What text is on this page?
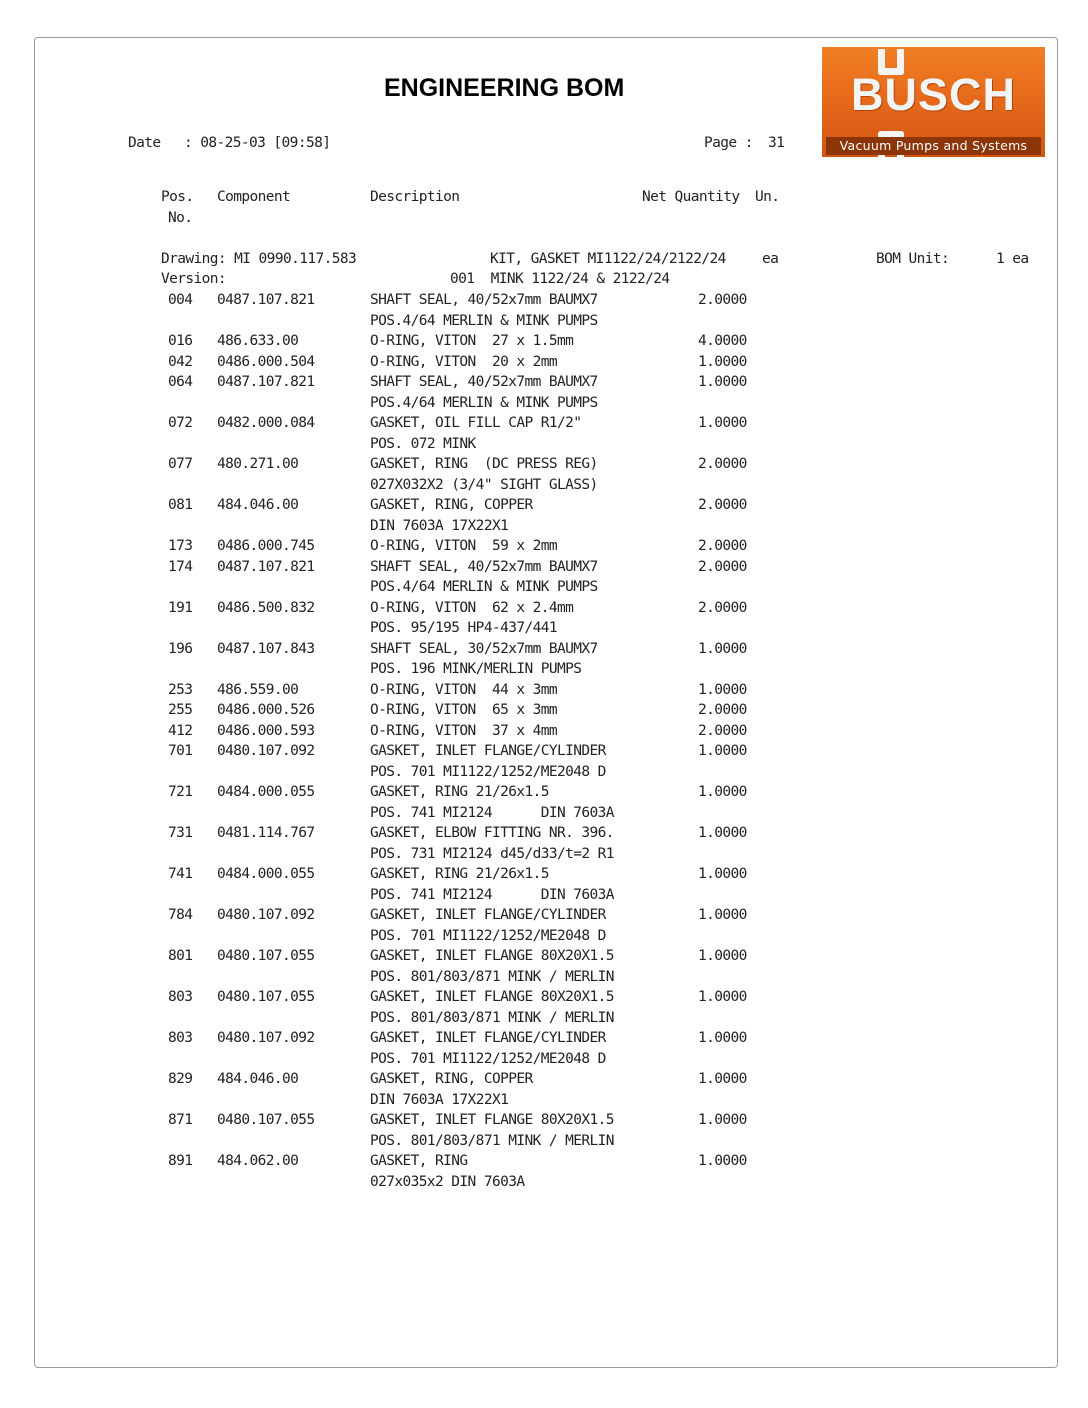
ENGINEERING BOM	BUSCH
Vacuum Pumps and Systems
Date : 08-25-03 [09:58]	Page : 31
Pos.
No.
Component	Description	Net Quantity Un.
Drawing: MI 0990.117.583	KIT, GASKET MI1122/24/2122/24 ea	BOM Unit:	1 ea
Version:	001  MINK 1122/24 & 2122/24
004 0487.107.821	SHAFT SEAL, 40/52x7mm BAUMX7	2.0000
POS.4/64 MERLIN & MINK PUMPS
016 486.633.00	O-RING, VITON  27 x 1.5mm	4.0000
042 0486.000.504	O-RING, VITON  20 x 2mm	1.0000
064 0487.107.821	SHAFT SEAL, 40/52x7mm BAUMX7	1.0000
POS.4/64 MERLIN & MINK PUMPS
072 0482.000.084	GASKET, OIL FILL CAP R1/2"	1.0000
POS. 072 MINK
077 480.271.00	GASKET, RING  (DC PRESS REG)	2.0000
027X032X2 (3/4" SIGHT GLASS)
081 484.046.00	GASKET, RING, COPPER	2.0000
DIN 7603A 17X22X1
173 0486.000.745	O-RING, VITON  59 x 2mm	2.0000
174 0487.107.821	SHAFT SEAL, 40/52x7mm BAUMX7	2.0000
POS.4/64 MERLIN & MINK PUMPS
191 0486.500.832	O-RING, VITON  62 x 2.4mm	2.0000
POS. 95/195 HP4-437/441
196 0487.107.843	SHAFT SEAL, 30/52x7mm BAUMX7	1.0000
POS. 196 MINK/MERLIN PUMPS
253 486.559.00	O-RING, VITON  44 x 3mm	1.0000
255 0486.000.526	O-RING, VITON  65 x 3mm	2.0000
412 0486.000.593	O-RING, VITON  37 x 4mm	2.0000
701 0480.107.092	GASKET, INLET FLANGE/CYLINDER	1.0000
POS. 701 MI1122/1252/ME2048 D
721 0484.000.055	GASKET, RING 21/26x1.5	1.0000
POS. 741 MI2124      DIN 7603A
731 0481.114.767	GASKET, ELBOW FITTING NR. 396.	1.0000
POS. 731 MI2124 d45/d33/t=2 R1
741 0484.000.055	GASKET, RING 21/26x1.5	1.0000
POS. 741 MI2124      DIN 7603A
784 0480.107.092	GASKET, INLET FLANGE/CYLINDER	1.0000
POS. 701 MI1122/1252/ME2048 D
801 0480.107.055	GASKET, INLET FLANGE 80X20X1.5	1.0000
POS. 801/803/871 MINK / MERLIN
803 0480.107.055	GASKET, INLET FLANGE 80X20X1.5	1.0000
POS. 801/803/871 MINK / MERLIN
803 0480.107.092	GASKET, INLET FLANGE/CYLINDER	1.0000
POS. 701 MI1122/1252/ME2048 D
829 484.046.00	GASKET, RING, COPPER	1.0000
DIN 7603A 17X22X1
871 0480.107.055	GASKET, INLET FLANGE 80X20X1.5	1.0000
POS. 801/803/871 MINK / MERLIN
891 484.062.00	GASKET, RING	1.0000
027x035x2 DIN 7603A
